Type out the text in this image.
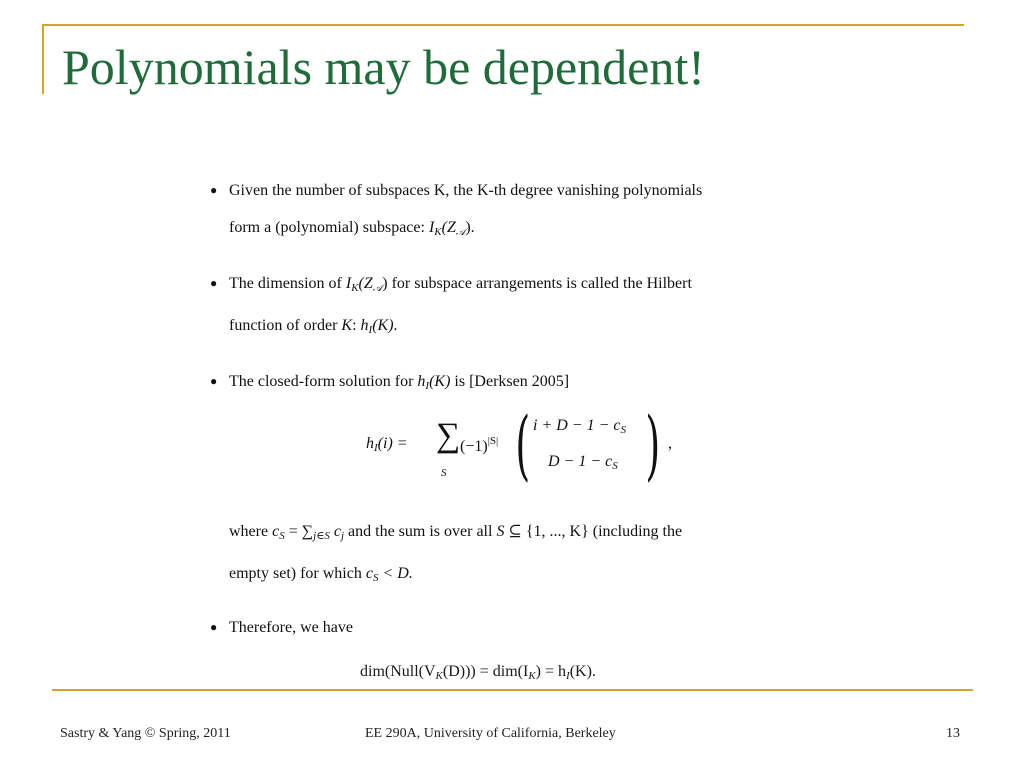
Polynomials may be dependent!
● Given the number of subspaces K, the K-th degree vanishing polynomials
form a (polynomial) subspace: $I_K(Z𝒜)$.
● The dimension of $I_K(Z𝒜)$ for subspace arrangements is called the Hilbert
function of order K: $h_I(K)$.
● The closed-form solution for $h_I(K)$ is [Derksen 2005]
$h_I(i)$ = ∑
S
$(-1)^{|S|}$ ( $i + D - 1 - c_S$
$D - 1 - c_S$ ) ,
where $c_S = \sum_{j\in S}$ $c_j$ and the sum is over all S ⊆ {1, ..., K} (including the
empty set) for which $c_S < D$.
● Therefore, we have
$dim(Null(V_K(D))) = dim(I_K) = h_I(K)$.
Sastry & Yang © Spring, 2011	EE 290A, University of California, Berkeley	13
